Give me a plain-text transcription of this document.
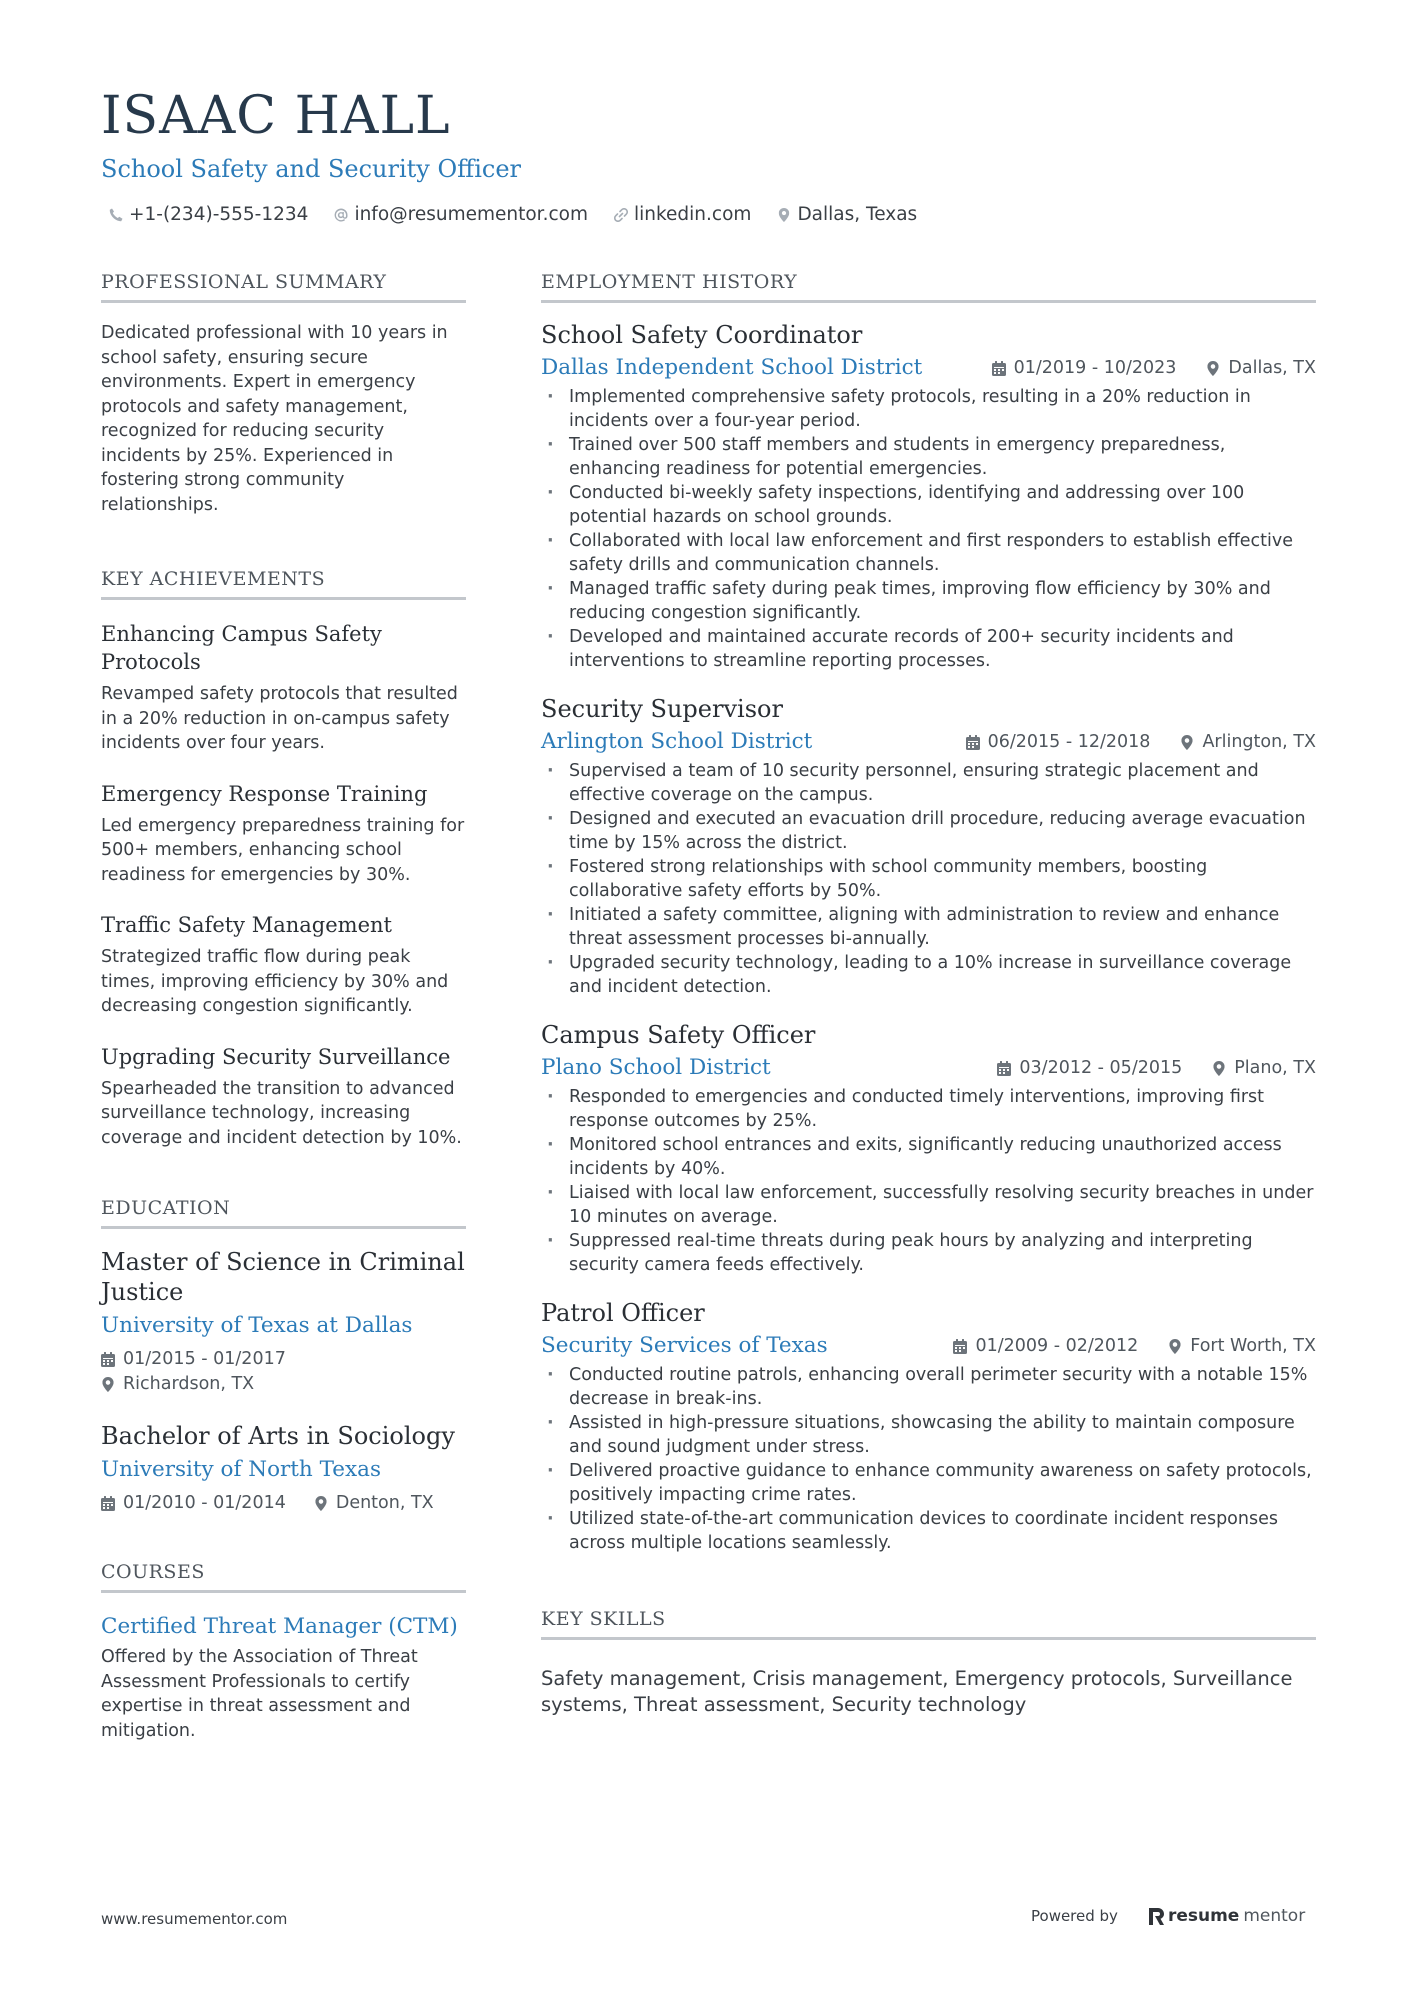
ISAAC HALL
School Safety and Security Officer
+1-(234)-555-1234 info@resumementor.com linkedin.com Dallas, Texas
PROFESSIONAL SUMMARY
Dedicated professional with 10 years in school safety, ensuring secure environments. Expert in emergency protocols and safety management, recognized for reducing security incidents by 25%. Experienced in fostering strong community relationships.
KEY ACHIEVEMENTS
Enhancing Campus Safety Protocols
Revamped safety protocols that resulted in a 20% reduction in on-campus safety incidents over four years.
Emergency Response Training
Led emergency preparedness training for 500+ members, enhancing school readiness for emergencies by 30%.
Traffic Safety Management
Strategized traffic flow during peak times, improving efficiency by 30% and decreasing congestion significantly.
Upgrading Security Surveillance
Spearheaded the transition to advanced surveillance technology, increasing coverage and incident detection by 10%.
EDUCATION
Master of Science in Criminal Justice
University of Texas at Dallas
01/2015 - 01/2017
Richardson, TX
Bachelor of Arts in Sociology
University of North Texas
01/2010 - 01/2014	Denton, TX
COURSES
Certified Threat Manager (CTM)
Offered by the Association of Threat Assessment Professionals to certify expertise in threat assessment and mitigation.
EMPLOYMENT HISTORY
School Safety Coordinator
Dallas Independent School District	01/2019 - 10/2023	Dallas, TX
· Implemented comprehensive safety protocols, resulting in a 20% reduction in incidents over a four-year period.
· Trained over 500 staff members and students in emergency preparedness, enhancing readiness for potential emergencies.
· Conducted bi-weekly safety inspections, identifying and addressing over 100 potential hazards on school grounds.
· Collaborated with local law enforcement and first responders to establish effective safety drills and communication channels.
· Managed traffic safety during peak times, improving flow efficiency by 30% and reducing congestion significantly.
· Developed and maintained accurate records of 200+ security incidents and interventions to streamline reporting processes.
Security Supervisor
Arlington School District	06/2015 - 12/2018	Arlington, TX
· Supervised a team of 10 security personnel, ensuring strategic placement and effective coverage on the campus.
· Designed and executed an evacuation drill procedure, reducing average evacuation time by 15% across the district.
· Fostered strong relationships with school community members, boosting collaborative safety efforts by 50%.
· Initiated a safety committee, aligning with administration to review and enhance threat assessment processes bi-annually.
· Upgraded security technology, leading to a 10% increase in surveillance coverage and incident detection.
Campus Safety Officer
Plano School District	03/2012 - 05/2015	Plano, TX
· Responded to emergencies and conducted timely interventions, improving first response outcomes by 25%.
· Monitored school entrances and exits, significantly reducing unauthorized access incidents by 40%.
· Liaised with local law enforcement, successfully resolving security breaches in under 10 minutes on average.
· Suppressed real-time threats during peak hours by analyzing and interpreting security camera feeds effectively.
Patrol Officer
Security Services of Texas	01/2009 - 02/2012	Fort Worth, TX
· Conducted routine patrols, enhancing overall perimeter security with a notable 15% decrease in break-ins.
· Assisted in high-pressure situations, showcasing the ability to maintain composure and sound judgment under stress.
· Delivered proactive guidance to enhance community awareness on safety protocols, positively impacting crime rates.
· Utilized state-of-the-art communication devices to coordinate incident responses across multiple locations seamlessly.
KEY SKILLS
Safety management, Crisis management, Emergency protocols, Surveillance systems, Threat assessment, Security technology
www.resumementor.com	Powered by	resume mentor
